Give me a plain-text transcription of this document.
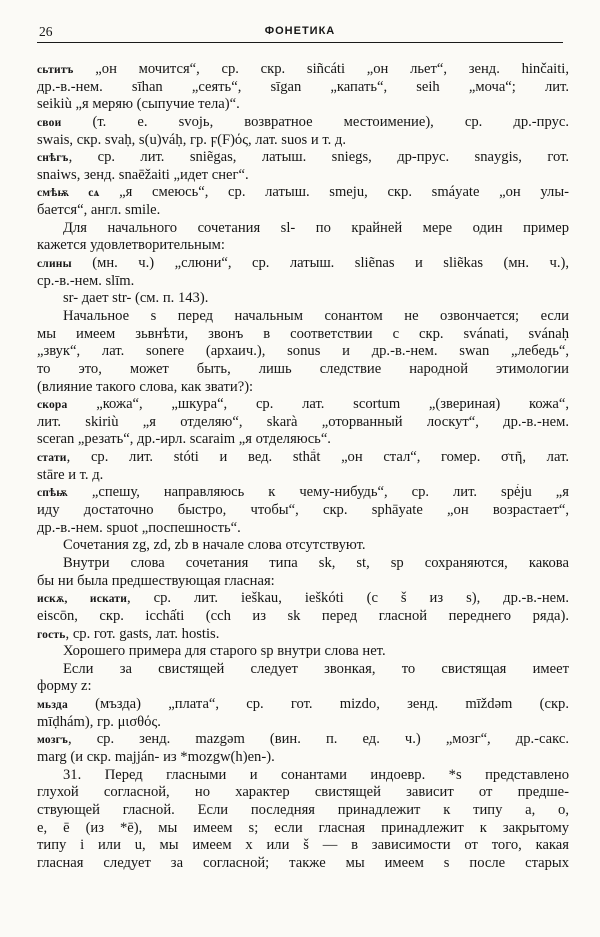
26	ФОНЕТИКА
сьтитъ „он мочится“, ср. скр. siñcáti „он льет“, зенд. hinčaiti,
др.-в.-нем. sīhan „сеять“, sīgan „капать“, seih „моча“; лит.
seikiù „я меряю (сыпучие тела)“.
свои (т. е. svojь, возвратное местоимение), ср. др.-прус.
swais, скр. svaḥ, s(u)váḥ, гр. ϝ(F)ός, лат. suos и т. д.
снѣгъ, ср. лит. sniẽgas, латыш. sniegs, др-прус. snaygis, гот.
snaiws, зенд. snaēžaiti „идет снег“.
смѣѭ сѧ „я смеюсь“, ср. латыш. smeju, скр. smáyate „он улы-
бается“, англ. smile.
Для начального сочетания sl- по крайней мере один пример
кажется удовлетворительным:
слины (мн. ч.) „слюни“, ср. латыш. sliẽnas и sliẽkas (мн. ч.),
ср.-в.-нем. slīm.
sr- дает str- (см. п. 143).
Начальное s перед начальным сонантом не озвончается; если
мы имеем зьвнѣти, звонъ в соответствии с скр. svánati, svánaḥ
„звук“, лат. sonere (архаич.), sonus и др.-в.-нем. swan „лебедь“,
то это, может быть, лишь следствие народной этимологии
(влияние такого слова, как звати?):
скора „кожа“, „шкура“, ср. лат. scortum „(звериная) кожа“,
лит. skiriù „я отделяю“, skarà „оторванный лоскут“, др.-в.-нем.
sceran „резать“, др.-ирл. scaraim „я отделяюсь“.
стати, ср. лит. stóti и вед. sthā́t „он стал“, гомер. στῆ, лат.
stāre и т. д.
спѣѭ „спешу, направляюсь к чему-нибудь“, ср. лит. spė́ju „я
иду достаточно быстро, чтобы“, скр. sphāyate „он возрастает“,
др.-в.-нем. spuot „поспешность“.
Сочетания zg, zd, zb в начале слова отсутствуют.
Внутри слова сочетания типа sk, st, sp сохраняются, какова
бы ни была предшествующая гласная:
искѫ, искати, ср. лит. ieškau, ieškóti (с š из s), др.-в.-нем.
eiscōn, скр. icchấti (cch из sk перед гласной переднего ряда).
гость, ср. гот. gasts, лат. hostis.
Хорошего примера для старого sp внутри слова нет.
Если за свистящей следует звонкая, то свистящая имеет
форму z:
мьзда (мъзда) „плата“, ср. гот. mizdo, зенд. mīždəm (скр.
mīḍhám), гр. μισθός.
мозгъ, ср. зенд. mazgəm (вин. п. ед. ч.) „мозг“, др.-сакс.
marg (и скр. majján- из *mozgw(h)en-).
31. Перед гласными и сонантами индоевр. *s представлено
глухой согласной, но характер свистящей зависит от предше-
ствующей гласной. Если последняя принадлежит к типу a, o,
e, ē (из *ē), мы имеем s; если гласная принадлежит к закрытому
типу i или u, мы имеем x или š — в зависимости от того, какая
гласная следует за согласной; также мы имеем s после старых
